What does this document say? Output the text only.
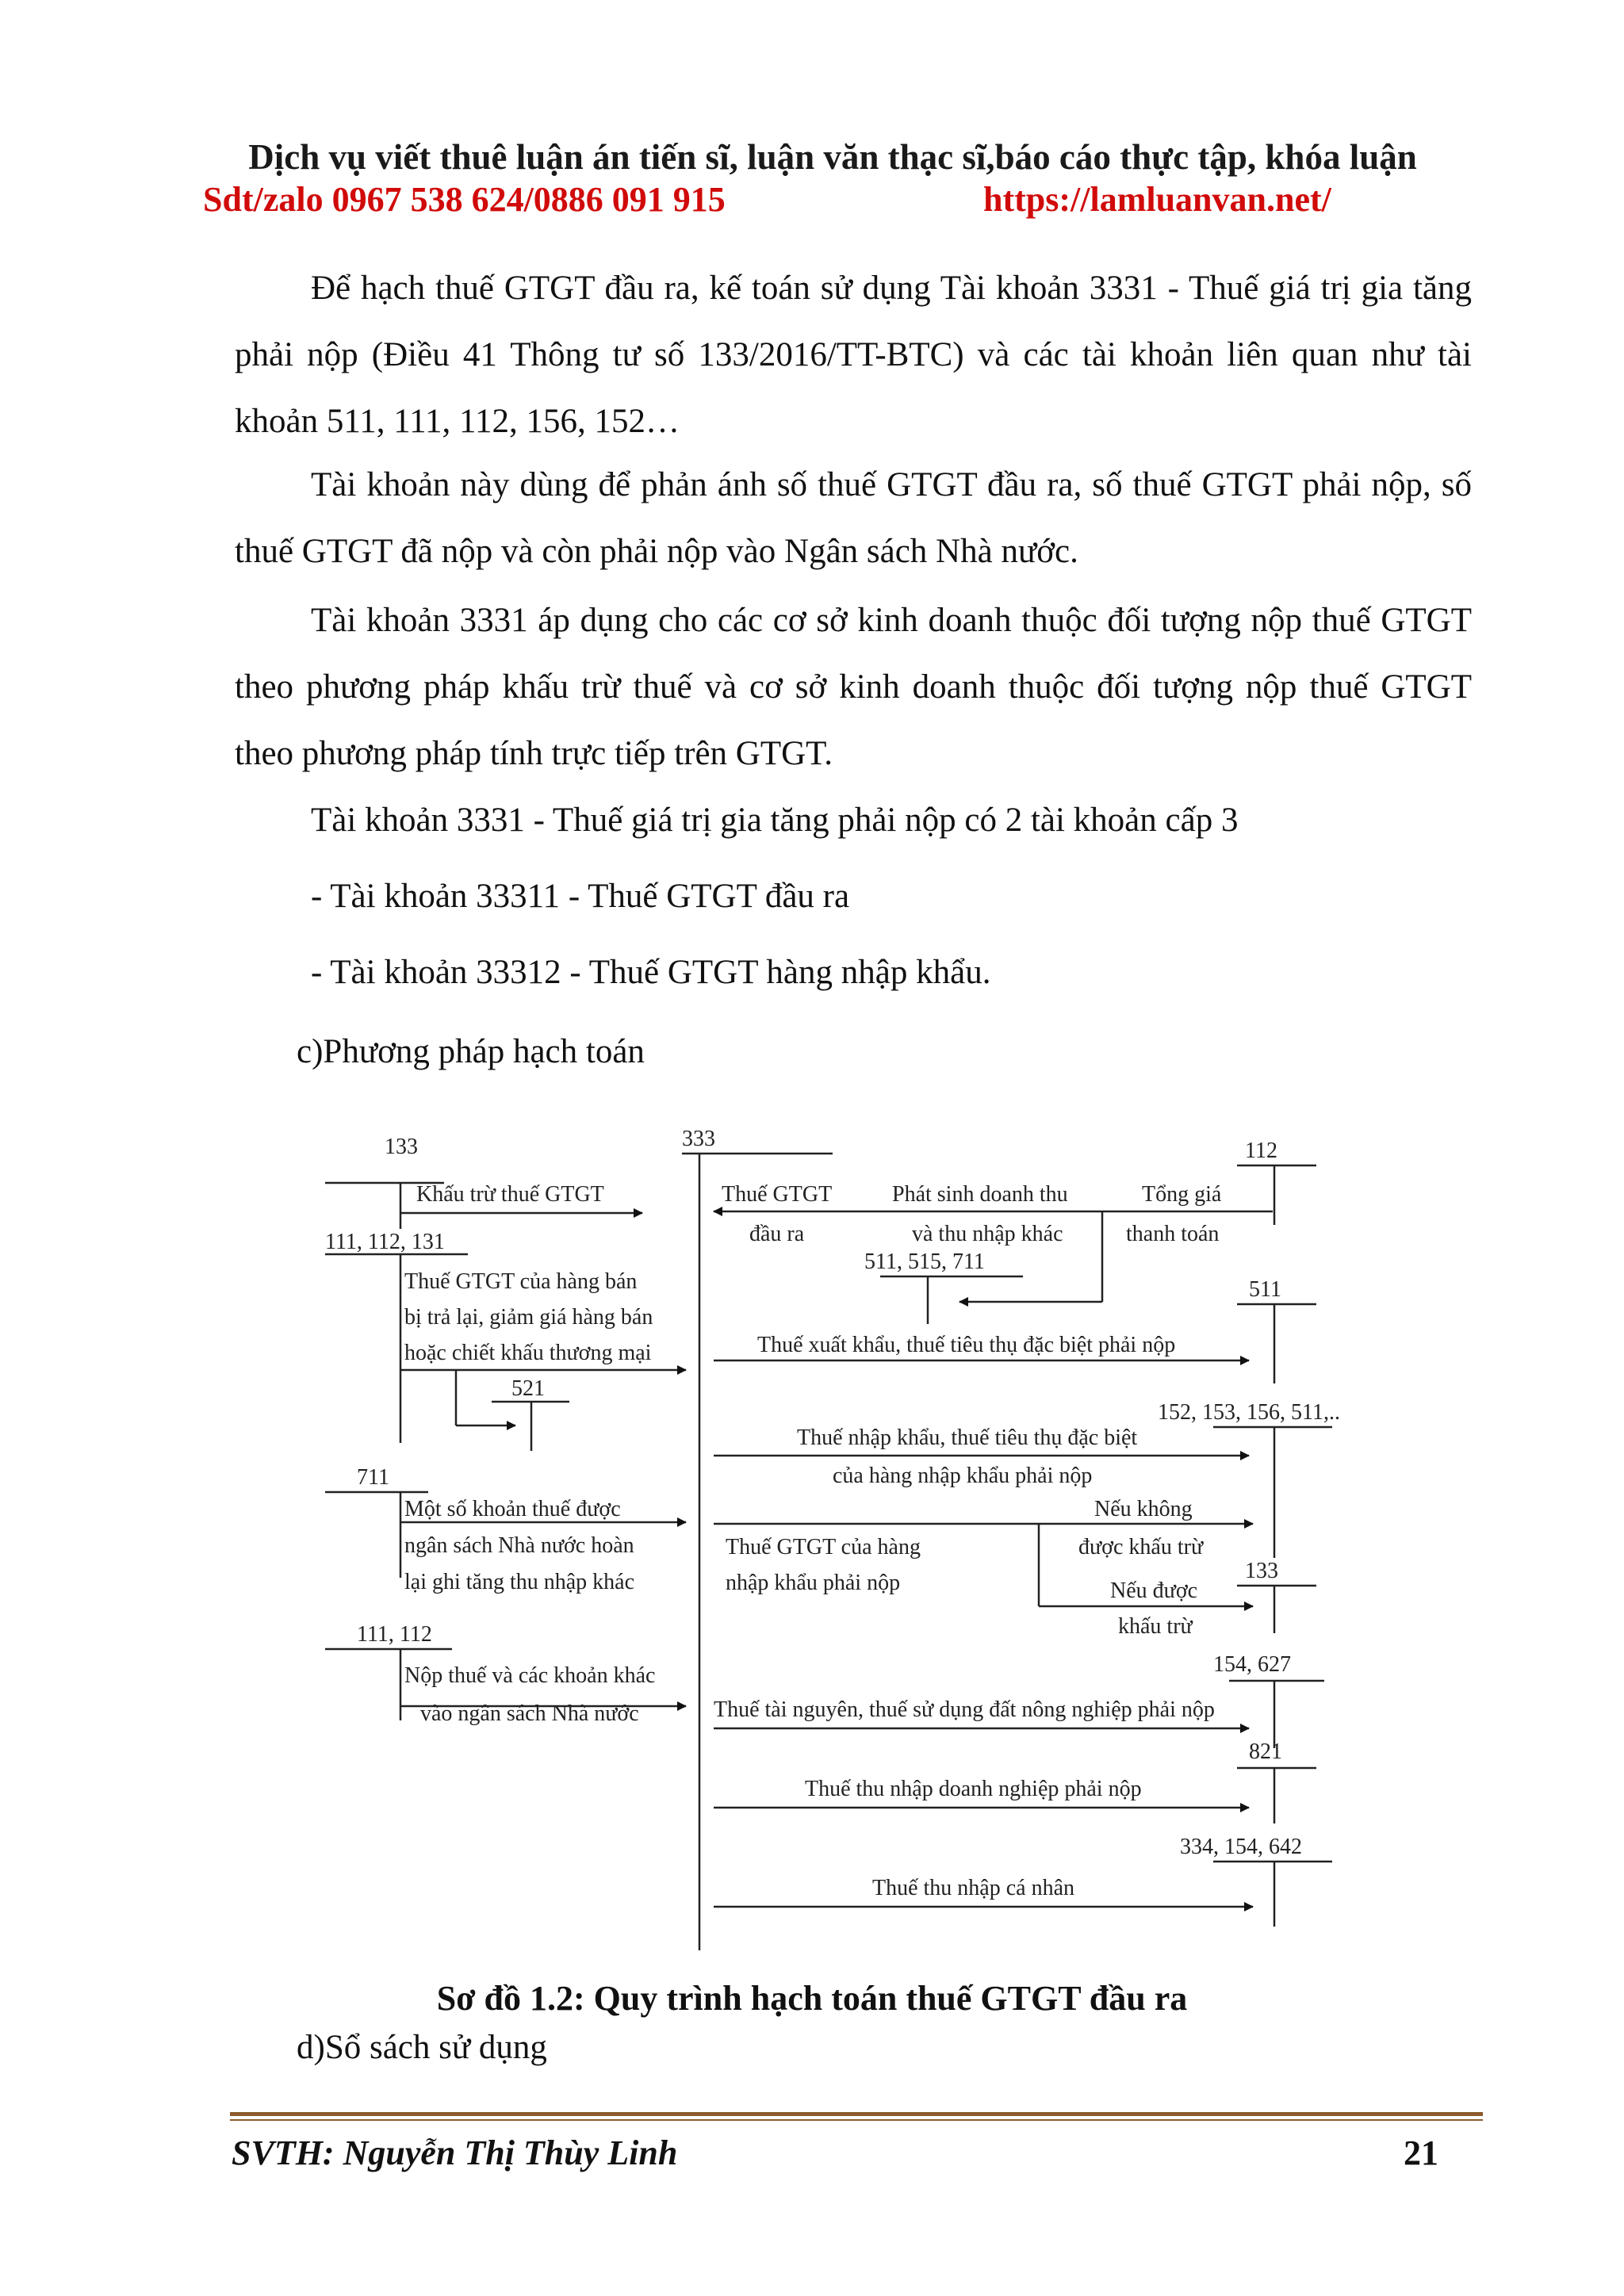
Dịch vụ viết thuê luận án tiến sĩ, luận văn thạc sĩ,báo cáo thực tập, khóa luận
Sdt/zalo 0967 538 624/0886 091 915	https://lamluanvan.net/

Để hạch thuế GTGT đầu ra, kế toán sử dụng Tài khoản 3331 - Thuế giá trị gia tăng phải nộp (Điều 41 Thông tư số 133/2016/TT-BTC) và các tài khoản liên quan như tài khoản 511, 111, 112, 156, 152…

Tài khoản này dùng để phản ánh số thuế GTGT đầu ra, số thuế GTGT phải nộp, số thuế GTGT đã nộp và còn phải nộp vào Ngân sách Nhà nước.

Tài khoản 3331 áp dụng cho các cơ sở kinh doanh thuộc đối tượng nộp thuế GTGT theo phương pháp khấu trừ thuế và cơ sở kinh doanh thuộc đối tượng nộp thuế GTGT theo phương pháp tính trực tiếp trên GTGT.

Tài khoản 3331 - Thuế giá trị gia tăng phải nộp có 2 tài khoản cấp 3
- Tài khoản 33311 - Thuế GTGT đầu ra
- Tài khoản 33312 - Thuế GTGT hàng nhập khẩu.
c)Phương pháp hạch toán
133	333	112
Khấu trừ thuế GTGT	Thuế GTGT
đầu ra
Phát sinh doanh thu
và thu nhập khác
Tổng giá
thanh toán
111, 112, 131
511, 515, 711
Thuế GTGT của hàng bán
bị trả lại, giảm giá hàng bán
hoặc chiết khấu thương mại
511
Thuế xuất khẩu, thuế tiêu thụ đặc biệt phải nộp
521
152, 153, 156, 511,..
Thuế nhập khẩu, thuế tiêu thụ đặc biệt
của hàng nhập khẩu phải nộp
711
Một số khoản thuế được
ngân sách Nhà nước hoàn
lại ghi tăng thu nhập khác
Thuế GTGT của hàng
nhập khẩu phải nộp
Nếu không
được khấu trừ
133
Nếu được
khấu trừ
111, 112
Nộp thuế và các khoản khác
vào ngân sách Nhà nước
154, 627
Thuế tài nguyên, thuế sử dụng đất nông nghiệp phải nộp
821
Thuế thu nhập doanh nghiệp phải nộp
334, 154, 642
Thuế thu nhập cá nhân
Sơ đồ 1.2: Quy trình hạch toán thuế GTGT đầu ra
d)Sổ sách sử dụng
SVTH: Nguyễn Thị Thùy Linh	21
